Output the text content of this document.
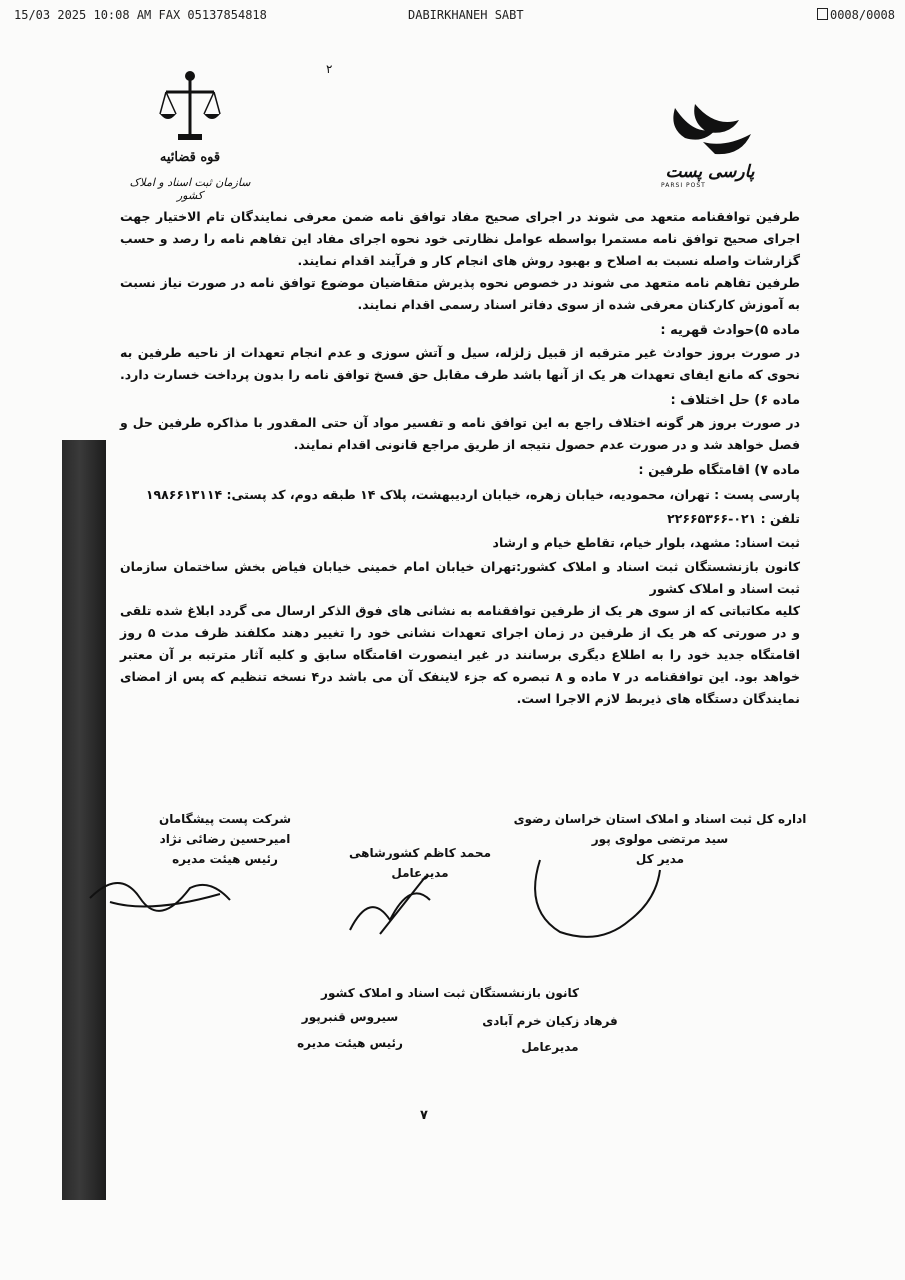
15/03 2025 10:08 AM FAX 05137854818	DABIRKHANEH SABT	0008/0008
۲
قوه قضائیه
سازمان ثبت اسناد و املاک کشور
پارسی پست
PARSI POST

طرفین توافقنامه متعهد می شوند در اجرای صحیح مفاد توافق نامه ضمن معرفی نمایندگان تام الاختیار جهت اجرای صحیح توافق نامه مستمرا بواسطه عوامل نظارتی خود نحوه اجرای مفاد این تفاهم نامه را رصد و حسب گزارشات واصله نسبت به اصلاح و بهبود روش های انجام کار و فرآیند اقدام نمایند.

طرفین تفاهم نامه متعهد می شوند در خصوص نحوه پذیرش متقاضیان موضوع توافق نامه در صورت نیاز نسبت به آموزش کارکنان معرفی شده از سوی دفاتر اسناد رسمی اقدام نمایند.

ماده ۵)حوادث قهریه :

در صورت بروز حوادث غیر مترقبه از قبیل زلزله، سیل و آتش سوزی و عدم انجام تعهدات از ناحیه طرفین به نحوی که مانع ایفای تعهدات هر یک از آنها باشد طرف مقابل حق فسخ توافق نامه را بدون پرداخت خسارت دارد.

ماده ۶) حل اختلاف :

در صورت بروز هر گونه اختلاف راجع به این توافق نامه و تفسیر مواد آن حتی المقدور با مذاکره طرفین حل و فصل خواهد شد و در صورت عدم حصول نتیجه از طریق مراجع قانونی اقدام نمایند.

ماده ۷) اقامتگاه طرفین :
پارسی پست : تهران، محمودیه، خیابان زهره، خیابان اردیبهشت، پلاک ۱۴ طبقه دوم، کد پستی: ۱۹۸۶۶۱۳۱۱۴
تلفن : ۰۲۱-۲۲۶۶۵۳۶۶
ثبت اسناد: مشهد، بلوار خیام، تقاطع خیام و ارشاد
کانون بازنشستگان ثبت اسناد و املاک کشور:تهران خیابان امام خمینی خیابان فیاض بخش ساختمان سازمان ثبت اسناد و املاک کشور

کلیه مکاتباتی که از سوی هر یک از طرفین توافقنامه به نشانی های فوق الذکر ارسال می گردد ابلاغ شده تلقی و در صورتی که هر یک از طرفین در زمان اجرای تعهدات نشانی خود را تغییر دهند مکلفند ظرف مدت ۵ روز اقامتگاه جدید خود را به اطلاع دیگری برسانند در غیر اینصورت اقامتگاه سابق و کلیه آثار مترتبه بر آن معتبر خواهد بود. این توافقنامه در ۷ ماده و ۸ تبصره که جزء لاینفک آن می باشد در۴ نسخه تنظیم که پس از امضای نمایندگان دستگاه های ذیربط لازم الاجرا است.

اداره کل ثبت اسناد و املاک استان خراسان رضوی
سید مرتضی مولوی پور
مدیر کل
شرکت پست پیشگامان
امیرحسین رضائی نژاد
رئیس هیئت مدیره	محمد کاظم کشورشاهی
مدیرعامل
کانون بازنشستگان ثبت اسناد و املاک کشور
فرهاد زکیان خرم آبادی
مدیرعامل
سیروس قنبرپور
رئیس هیئت مدیره
۷
